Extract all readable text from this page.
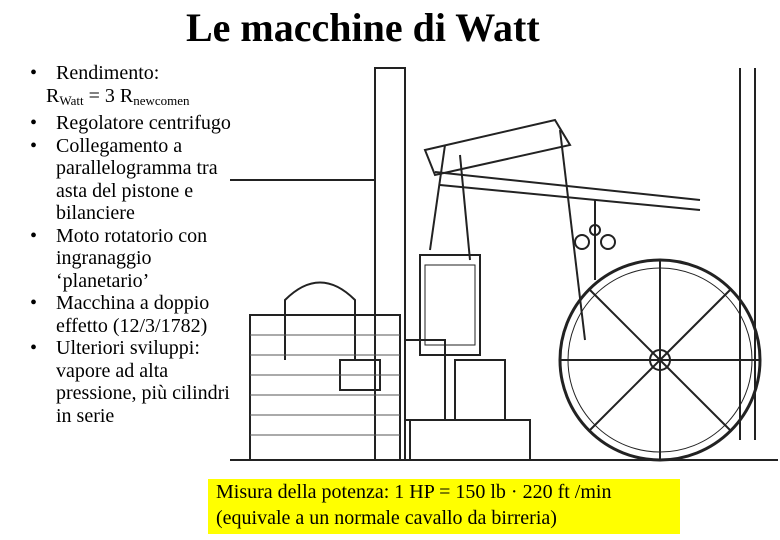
Le macchine di Watt
• Rendimento:
$R_{Watt} = 3$ $R_{newcomen}$
• Regolatore centrifugo
• Collegamento a parallelogramma tra asta del pistone e bilanciere
• Moto rotatorio con ingranaggio ‘planetario’
• Macchina a doppio effetto (12/3/1782)
• Ulteriori sviluppi: vapore ad alta pressione, più cilindri in serie
Misura della potenza: 1 HP = 150 lb · 220 ft /min (equivale a un normale cavallo da birreria)
